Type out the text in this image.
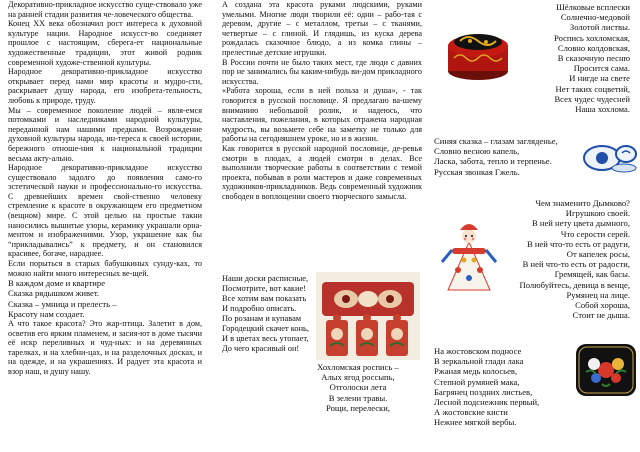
Декоративно-прикладное искусство суще-ствовало уже на ранней стадии развития че-ловеческого общества.

Конец XX века обозначил рост интереса к духовной культуре нации. Народное искусст-во соединяет прошлое с настоящим, сберега-ет национальные художественные традиции, этот живой родник современной художе-ственной культуры.

Народное декоративно-прикладное искусство открывает перед нами мир красоты и мудро-сти, раскрывает душу народа, его изобрета-тельность, любовь к природе, труду.

Мы – современное поколение людей – явля-емся потомками и наследниками народной культуры, переданной нам нашими предками. Возрождение духовной культуры народа, ин-тереса к своей истории, бережного отноше-ния к национальной традиции весьма акту-ально.

Народное декоративно-прикладное искусство существовало задолго до появления само-го эстетической науки и профессионально-го искусства. С древнейших времен свой-ственно человеку стремление к красоте в окружающем его предметном (вещном) мире. С этой целью на простые такни наносились вышитые узоры, керамику украшали орна-ментом и изображениями. Узор, украшение как бы “прикладывались” к предмету, и он становился красивее, богаче, нараднее.

Если порыться в старых бабушкиных сунду-ках, то можно найти много интересных ве-щей.

В каждом доме и квартире
Сказка рядышком живет.
Сказка – умница и прелесть –
Красоту нам создает.
А что такое красота? Это жар-птица. Залетит в дом, осветив его ярким пламенем, и засия-ют в доме тысячи её искр переливных и чуд-ных: и на деревянных тарелках, и на хлебни-цах, и на разделочных досках, и на одежде, и на украшениях. И радует эта красота и взор наш, и душу нашу.

А создана эта красота руками людскими, руками умелыми. Многие люди творили её: одни – рабо-тая с деревом, другие – с металлом, третьи – с тканями, четвертые – с глиной. И глядишь, из куска дерева рождалась сказочное блюдо, а из комка глины – прелестные детские игрушки.

В России почти не было таких мест, где люди с давних пор не занимались бы каким-нибудь ви-дом прикладного искусства.

«Работа хороша, если в ней польза и душа», - так говорится в русской пословице. Я предлагаю ва-шему вниманию небольшой ролик, и надеюсь, что наставления, пожелания, в которых отражена народная мудрость, вы возьмете себе на заметку не только для работы на сегодняшнем уроке, но и в жизни.

Как говорится в русской народной пословице, де-ревья смотри в плодах, а людей смотри в делах. Все выполнили творческие работы в соответствии с темой проекта, побывав в роли мастеров и даже современных художников-прикладников. Ведь современный художник свободен в воплощении своего творческого замысла.

Наши доски расписные,
Посмотрите, вот какие!
Все хотим вам показать
И подробно описать.
По розанам и купавам
Городецкий скачет конь,
И в цветах весь утопает,
До чего красивый он!
Хохломская роспись –
Алых ягод россыпь,
Отголоски лета
В зелени травы.
Рощи, перелески,
Шёлковые всплески
Солнечно-медовой
Золотой листвы.
Роспись хохломская,
Словно колдовская,
В сказочную песню
Просится сама.
И нигде на свете
Нет таких соцветий,
Всех чудес чудесней
Наша хохлома.
Синяя сказка – глазам загляденье,
Словно весною капель,
Ласка, забота, тепло и терпенье.
Русская звонкая Гжель.
Чем знаменито Дымково?
Игрушкою своей.
В ней нету цвета дымного,
Что серости серей.
В ней что-то есть от радуги,
От капелек росы,
В ней что-то есть от радости,
Гремящей, как басы.
Полюбуйтесь, девица в венце,
Румянец на лице.
Собой хороша,
Стоит не дыша.
На жостовском подносе
В зеркальной глади лака
Ржаная медь колосьев,
Степной румяней мака,
Багрянец поздних листьев,
Лесной подснежник первый,
А жостовские кисти
Нежнее мягкой вербы.
